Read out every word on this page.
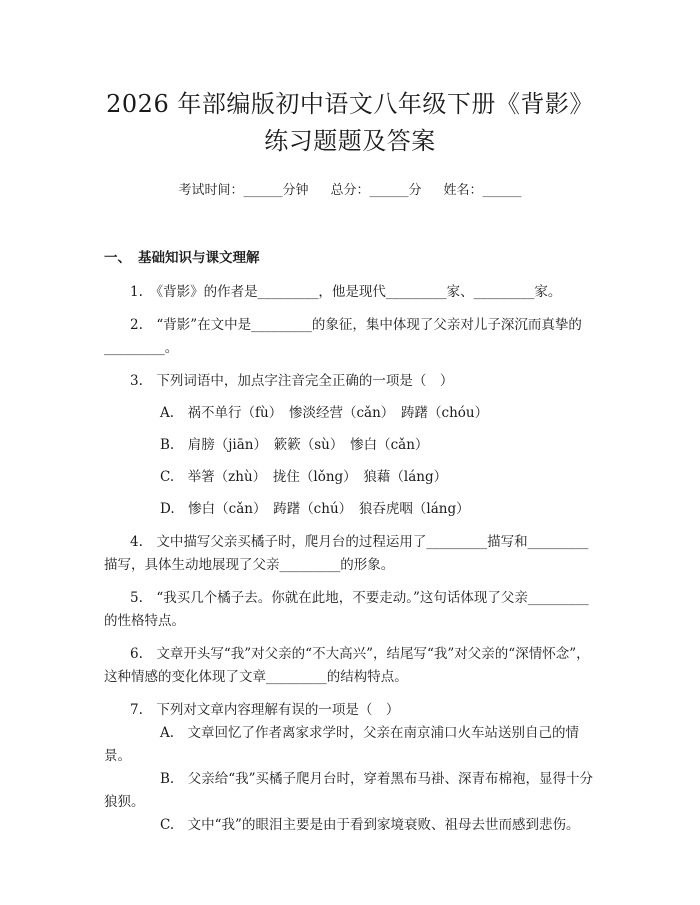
2026 年部编版初中语文八年级下册《背影》
练习题题及答案
考试时间：______分钟 总分：______分 姓名：______
一、 基础知识与课文理解

1.　《背影》的作者是_________，他是现代_________家、_________家。

2.　“背影”在文中是_________的象征，集中体现了父亲对儿子深沉而真挚的_________。

3.　下列词语中，加点字注音完全正确的一项是（　）

A.　祸不单行（fù）　惨淡经营（cǎn）　踌躇（chóu）

B.　肩膀（jiān）　簌簌（sù）　惨白（cǎn）

C.　举箸（zhù）　拢住（lǒng）　狼藉（láng）

D.　惨白（cǎn）　踌躇（chú）　狼吞虎咽（láng）

4.　文中描写父亲买橘子时，爬月台的过程运用了_________描写和_________描写，具体生动地展现了父亲_________的形象。

5.　“我买几个橘子去。你就在此地，不要走动。”这句话体现了父亲_________的性格特点。

6.　文章开头写“我”对父亲的“不大高兴”，结尾写“我”对父亲的“深情怀念”，这种情感的变化体现了文章_________的结构特点。

7.　下列对文章内容理解有误的一项是（　）

A.　文章回忆了作者离家求学时，父亲在南京浦口火车站送别自己的情景。

B.　父亲给“我”买橘子爬月台时，穿着黑布马褂、深青布棉袍，显得十分狼狈。

C.　文中“我”的眼泪主要是由于看到家境衰败、祖母去世而感到悲伤。
